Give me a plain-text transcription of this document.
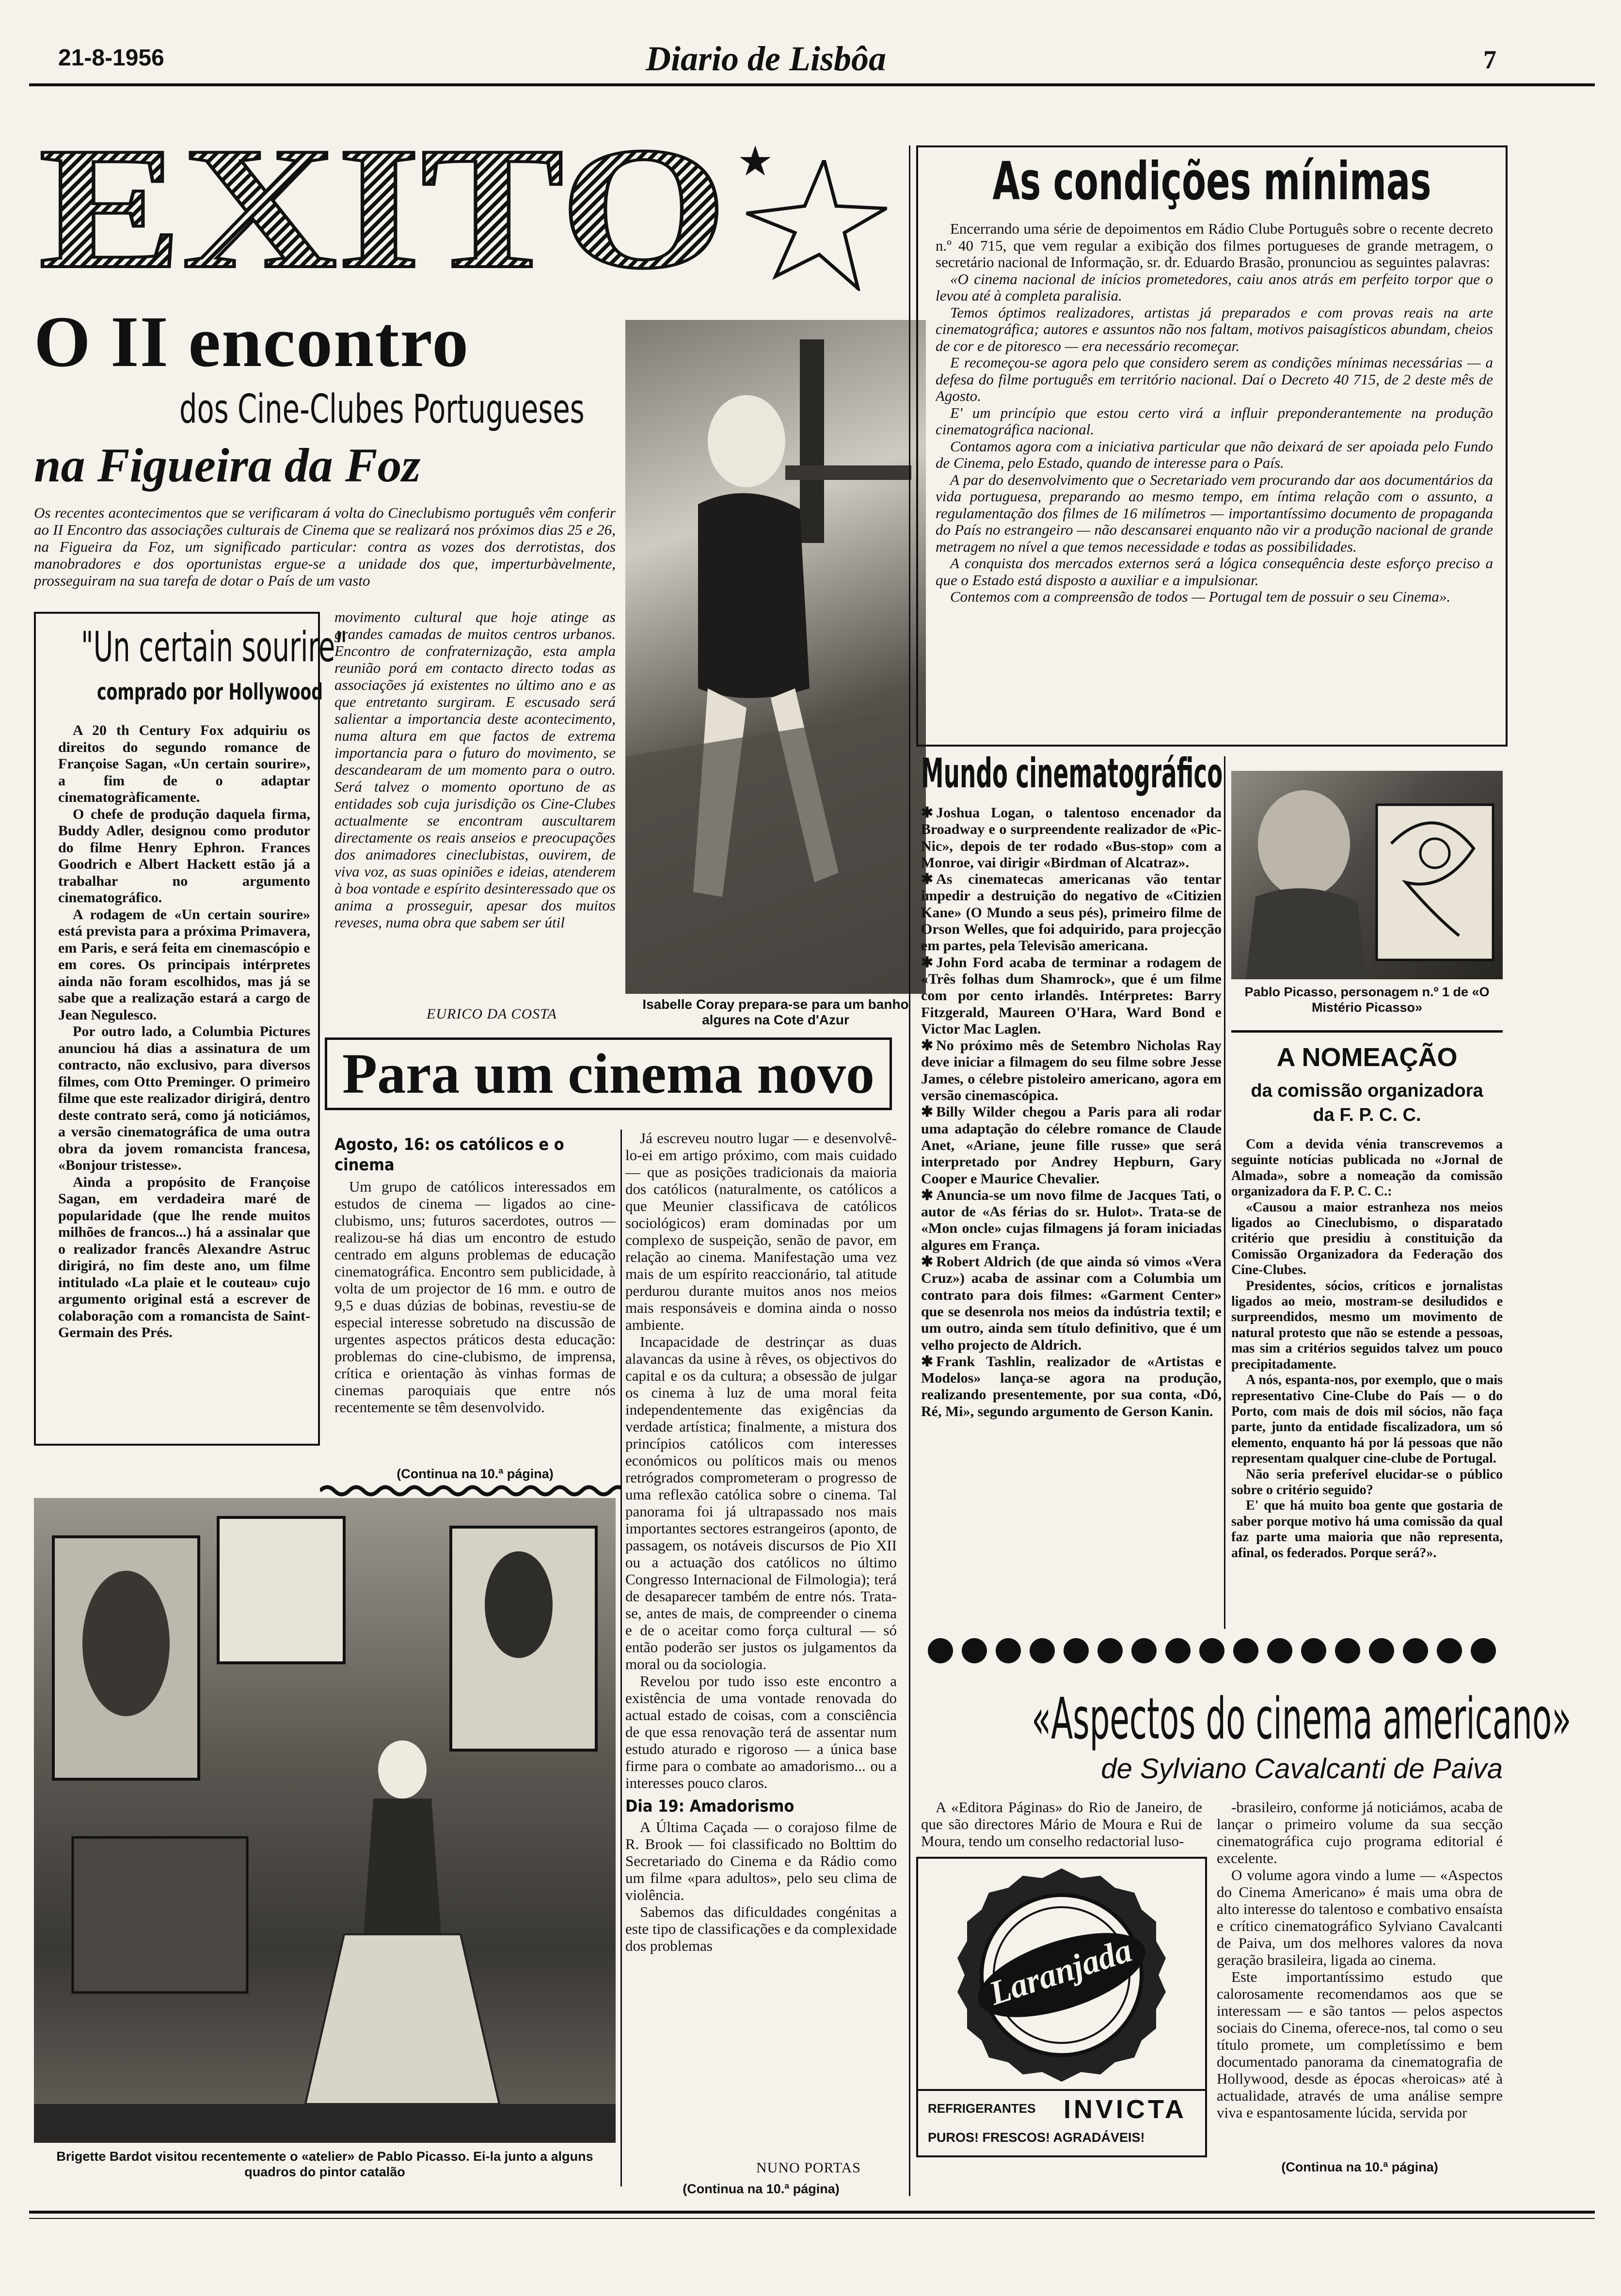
21-8-1956	Diario de Lisbôa	7
EXITO
O II encontro
dos Cine-Clubes Portugueses
na Figueira da Foz
Os recentes acontecimentos que se verificaram á volta do Cineclubismo português vêm conferir ao II Encontro das associações culturais de Cinema que se realizará nos próximos dias 25 e 26, na Figueira da Foz, um significado particular: contra as vozes dos derrotistas, dos manobradores e dos oportunistas ergue-se a unidade dos que, imperturbàvelmente, prosseguiram na sua tarefa de dotar o País de um vasto
"Un certain sourire"
comprado por Hollywood

A 20 th Century Fox adquiriu os direitos do segundo romance de Françoise Sagan, «Un certain sourire», a fim de o adaptar cinematogràficamente.

O chefe de produção daquela firma, Buddy Adler, designou como produtor do filme Henry Ephron. Frances Goodrich e Albert Hackett estão já a trabalhar no argumento cinematográfico.

A rodagem de «Un certain sourire» está prevista para a próxima Primavera, em Paris, e será feita em cinemascópio e em cores. Os principais intérpretes ainda não foram escolhidos, mas já se sabe que a realização estará a cargo de Jean Negulesco.

Por outro lado, a Columbia Pictures anunciou há dias a assinatura de um contracto, não exclusivo, para diversos filmes, com Otto Preminger. O primeiro filme que este realizador dirigirá, dentro deste contrato será, como já noticiámos, a versão cinematográfica de uma outra obra da jovem romancista francesa, «Bonjour tristesse».

Ainda a propósito de Françoise Sagan, em verdadeira maré de popularidade (que lhe rende muitos milhões de francos...) há a assinalar que o realizador francês Alexandre Astruc dirigirá, no fim deste ano, um filme intitulado «La plaie et le couteau» cujo argumento original está a escrever de colaboração com a romancista de Saint-Germain des Prés.

movimento cultural que hoje atinge as grandes camadas de muitos centros urbanos. Encontro de confraternização, esta ampla reunião porá em contacto directo todas as associações já existentes no último ano e as que entretanto surgiram. E escusado será salientar a importancia deste acontecimento, numa altura em que factos de extrema importancia para o futuro do movimento, se descandearam de um momento para o outro. Será talvez o momento oportuno de as entidades sob cuja jurisdição os Cine-Clubes actualmente se encontram auscultarem directamente os reais anseios e preocupações dos animadores cineclubistas, ouvirem, de viva voz, as suas opiniões e ideias, atenderem à boa vontade e espírito desinteressado que os anima a prosseguir, apesar dos muitos reveses, numa obra que sabem ser útil
EURICO DA COSTA
Isabelle Coray prepara-se para um banho algures na Cote d'Azur
Para um cinema novo
Agosto, 16: os católicos e o cinema

Um grupo de católicos interessados em estudos de cinema — ligados ao cine-clubismo, uns; futuros sacerdotes, outros — realizou-se há dias um encontro de estudo centrado em alguns problemas de educação cinematográfica. Encontro sem publicidade, à volta de um projector de 16 mm. e outro de 9,5 e duas dúzias de bobinas, revestiu-se de especial interesse sobretudo na discussão de urgentes aspectos práticos desta educação: problemas do cine-clubismo, de imprensa, crítica e orientação às vinhas formas de cinemas paroquiais que entre nós recentemente se têm desenvolvido.

(Continua na 10.ª página)

Já escreveu noutro lugar — e desenvolvê-lo-ei em artigo próximo, com mais cuidado — que as posições tradicionais da maioria dos católicos (naturalmente, os católicos a que Meunier classificava de católicos sociológicos) eram dominadas por um complexo de suspeição, senão de pavor, em relação ao cinema. Manifestação uma vez mais de um espírito reaccionário, tal atitude perdurou durante muitos anos nos meios mais responsáveis e domina ainda o nosso ambiente.

Incapacidade de destrinçar as duas alavancas da usine à rêves, os objectivos do capital e os da cultura; a obsessão de julgar os cinema à luz de uma moral feita independentemente das exigências da verdade artística; finalmente, a mistura dos princípios católicos com interesses económicos ou políticos mais ou menos retrógrados comprometeram o progresso de uma reflexão católica sobre o cinema. Tal panorama foi já ultrapassado nos mais importantes sectores estrangeiros (aponto, de passagem, os notáveis discursos de Pio XII ou a actuação dos católicos no último Congresso Internacional de Filmologia); terá de desaparecer também de entre nós. Trata-se, antes de mais, de compreender o cinema e de o aceitar como força cultural — só então poderão ser justos os julgamentos da moral ou da sociologia.

Revelou por tudo isso este encontro a existência de uma vontade renovada do actual estado de coisas, com a consciência de que essa renovação terá de assentar num estudo aturado e rigoroso — a única base firme para o combate ao amadorismo... ou a interesses pouco claros.

Dia 19: Amadorismo

A Última Caçada — o corajoso filme de R. Brook — foi classificado no Bolttim do Secretariado do Cinema e da Rádio como um filme «para adultos», pelo seu clima de violência.

Sabemos das dificuldades congénitas a este tipo de classificações e da complexidade dos problemas

NUNO PORTAS
(Continua na 10.ª página)
Brigette Bardot visitou recentemente o «atelier» de Pablo Picasso. Ei-la junto a alguns quadros do pintor catalão
As condições mínimas

Encerrando uma série de depoimentos em Rádio Clube Português sobre o recente decreto n.º 40 715, que vem regular a exibição dos filmes portugueses de grande metragem, o secretário nacional de Informação, sr. dr. Eduardo Brasão, pronunciou as seguintes palavras:

«O cinema nacional de inícios prometedores, caiu anos atrás em perfeito torpor que o levou até à completa paralisia.

Temos óptimos realizadores, artistas já preparados e com provas reais na arte cinematográfica; autores e assuntos não nos faltam, motivos paisagísticos abundam, cheios de cor e de pitoresco — era necessário recomeçar.

E recomeçou-se agora pelo que considero serem as condições mínimas necessárias — a defesa do filme português em território nacional. Daí o Decreto 40 715, de 2 deste mês de Agosto.

E' um princípio que estou certo virá a influir preponderantemente na produção cinematográfica nacional.

Contamos agora com a iniciativa particular que não deixará de ser apoiada pelo Fundo de Cinema, pelo Estado, quando de interesse para o País.

A par do desenvolvimento que o Secretariado vem procurando dar aos documentários da vida portuguesa, preparando ao mesmo tempo, em íntima relação com o assunto, a regulamentação dos filmes de 16 milímetros — importantíssimo documento de propaganda do País no estrangeiro — não descansarei enquanto não vir a produção nacional de grande metragem no nível a que temos necessidade e todas as possibilidades.

A conquista dos mercados externos será a lógica consequência deste esforço preciso a que o Estado está disposto a auxiliar e a impulsionar.

Contemos com a compreensão de todos — Portugal tem de possuir o seu Cinema».

Mundo cinematográfico

✱ Joshua Logan, o talentoso encenador da Broadway e o surpreendente realizador de «Pic-Nic», depois de ter rodado «Bus-stop» com a Monroe, vai dirigir «Birdman of Alcatraz».

✱ As cinematecas americanas vão tentar impedir a destruição do negativo de «Citizien Kane» (O Mundo a seus pés), primeiro filme de Orson Welles, que foi adquirido, para projecção em partes, pela Televisão americana.

✱ John Ford acaba de terminar a rodagem de «Três folhas dum Shamrock», que é um filme com por cento irlandês. Intérpretes: Barry Fitzgerald, Maureen O'Hara, Ward Bond e Victor Mac Laglen.

✱ No próximo mês de Setembro Nicholas Ray deve iniciar a filmagem do seu filme sobre Jesse James, o célebre pistoleiro americano, agora em versão cinemascópica.

✱ Billy Wilder chegou a Paris para ali rodar uma adaptação do célebre romance de Claude Anet, «Ariane, jeune fille russe» que será interpretado por Andrey Hepburn, Gary Cooper e Maurice Chevalier.

✱ Anuncia-se um novo filme de Jacques Tati, o autor de «As férias do sr. Hulot». Trata-se de «Mon oncle» cujas filmagens já foram iniciadas algures em França.

✱ Robert Aldrich (de que ainda só vimos «Vera Cruz») acaba de assinar com a Columbia um contrato para dois filmes: «Garment Center» que se desenrola nos meios da indústria textil; e um outro, ainda sem título definitivo, que é um velho projecto de Aldrich.

✱ Frank Tashlin, realizador de «Artistas e Modelos» lança-se agora na produção, realizando presentemente, por sua conta, «Dó, Ré, Mi», segundo argumento de Gerson Kanin.

Pablo Picasso, personagem n.º 1 de «O Mistério Picasso»
A NOMEAÇÃO
da comissão organizadora da F. P. C. C.

Com a devida vénia transcrevemos a seguinte notícias publicada no «Jornal de Almada», sobre a nomeação da comissão organizadora da F. P. C. C.:

«Causou a maior estranheza nos meios ligados ao Cineclubismo, o disparatado critério que presidiu à constituição da Comissão Organizadora da Federação dos Cine-Clubes.

Presidentes, sócios, críticos e jornalistas ligados ao meio, mostram-se desiludidos e surpreendidos, mesmo um movimento de natural protesto que não se estende a pessoas, mas sim a critérios seguidos talvez um pouco precipitadamente.

A nós, espanta-nos, por exemplo, que o mais representativo Cine-Clube do País — o do Porto, com mais de dois mil sócios, não faça parte, junto da entidade fiscalizadora, um só elemento, enquanto há por lá pessoas que não representam qualquer cine-clube de Portugal.

Não seria preferível elucidar-se o público sobre o critério seguido?

E' que há muito boa gente que gostaria de saber porque motivo há uma comissão da qual faz parte uma maioria que não representa, afinal, os federados. Porque será?».

«Aspectos do cinema americano»
de Sylviano Cavalcanti de Paiva
A «Editora Páginas» do Rio de Janeiro, de que são directores Mário de Moura e Rui de Moura, tendo um conselho redactorial luso-
Laranjada
REFRIGERANTES INVICTA
PUROS! FRESCOS! AGRADÁVEIS!

-brasileiro, conforme já noticiámos, acaba de lançar o primeiro volume da sua secção cinematográfica cujo programa editorial é excelente.

O volume agora vindo a lume — «Aspectos do Cinema Americano» é mais uma obra de alto interesse do talentoso e combativo ensaísta e crítico cinematográfico Sylviano Cavalcanti de Paiva, um dos melhores valores da nova geração brasileira, ligada ao cinema.

Este importantíssimo estudo que calorosamente recomendamos aos que se interessam — e são tantos — pelos aspectos sociais do Cinema, oferece-nos, tal como o seu título promete, um completíssimo e bem documentado panorama da cinematografia de Hollywood, desde as épocas «heroicas» até à actualidade, através de uma análise sempre viva e espantosamente lúcida, servida por

(Continua na 10.ª página)
